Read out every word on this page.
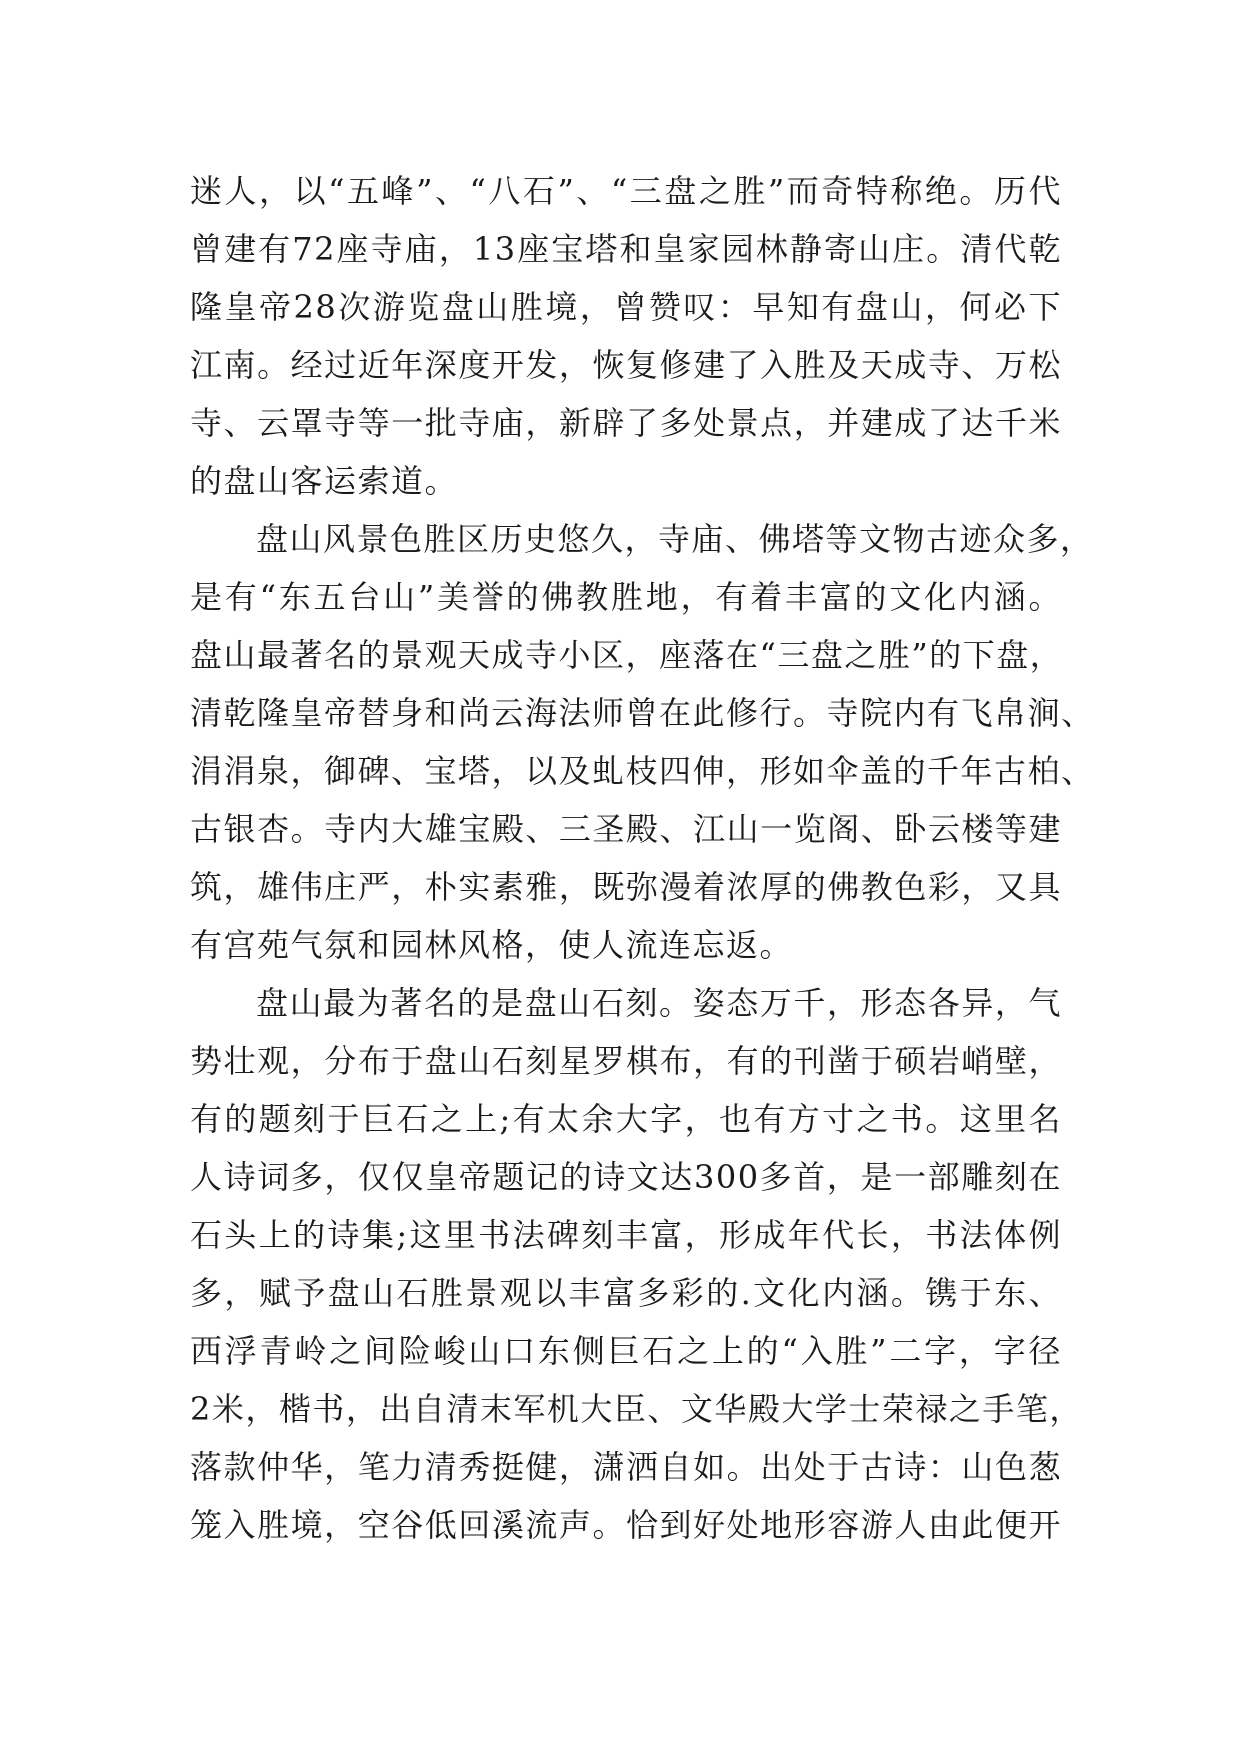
迷人，以“五峰”、“八石”、“三盘之胜”而奇特称绝。历代
曾建有72座寺庙，13座宝塔和皇家园林静寄山庄。清代乾
隆皇帝28次游览盘山胜境，曾赞叹：早知有盘山，何必下
江南。经过近年深度开发，恢复修建了入胜及天成寺、万松
寺、云罩寺等一批寺庙，新辟了多处景点，并建成了达千米
的盘山客运索道。
盘山风景色胜区历史悠久，寺庙、佛塔等文物古迹众多，
是有“东五台山”美誉的佛教胜地，有着丰富的文化内涵。
盘山最著名的景观天成寺小区，座落在“三盘之胜”的下盘，
清乾隆皇帝替身和尚云海法师曾在此修行。寺院内有飞帛涧、
涓涓泉，御碑、宝塔，以及虬枝四伸，形如伞盖的千年古柏、
古银杏。寺内大雄宝殿、三圣殿、江山一览阁、卧云楼等建
筑，雄伟庄严，朴实素雅，既弥漫着浓厚的佛教色彩，又具
有宫苑气氛和园林风格，使人流连忘返。
盘山最为著名的是盘山石刻。姿态万千，形态各异，气
势壮观，分布于盘山石刻星罗棋布，有的刊凿于硕岩峭壁，
有的题刻于巨石之上;有太余大字，也有方寸之书。这里名
人诗词多，仅仅皇帝题记的诗文达300多首，是一部雕刻在
石头上的诗集;这里书法碑刻丰富，形成年代长，书法体例
多，赋予盘山石胜景观以丰富多彩的.文化内涵。镌于东、
西浮青岭之间险峻山口东侧巨石之上的“入胜”二字，字径
2米，楷书，出自清末军机大臣、文华殿大学士荣禄之手笔，
落款仲华，笔力清秀挺健，潇洒自如。出处于古诗：山色葱
笼入胜境，空谷低回溪流声。恰到好处地形容游人由此便开
